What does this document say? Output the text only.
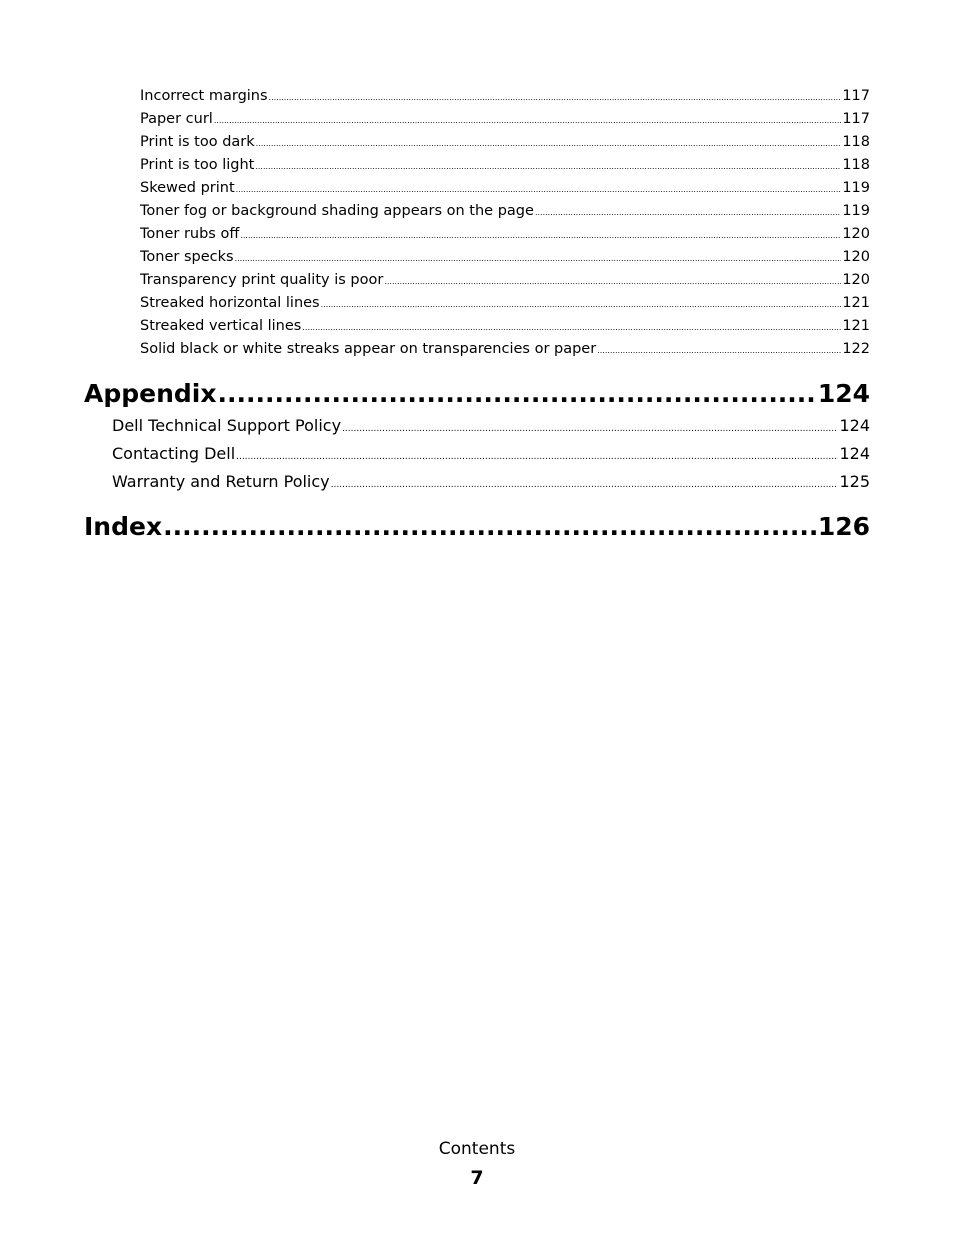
Incorrect margins .....	117
Paper curl .....	117
Print is too dark .....	118
Print is too light .....	118
Skewed print .....	119
Toner fog or background shading appears on the page .....	119
Toner rubs off .....	120
Toner specks .....	120
Transparency print quality is poor .....	120
Streaked horizontal lines .....	121
Streaked vertical lines .....	121
Solid black or white streaks appear on transparencies or paper .....	122
Appendix .....	124
Dell Technical Support Policy .....	124
Contacting Dell .....	124
Warranty and Return Policy .....	125
Index .....	126
Contents
7
